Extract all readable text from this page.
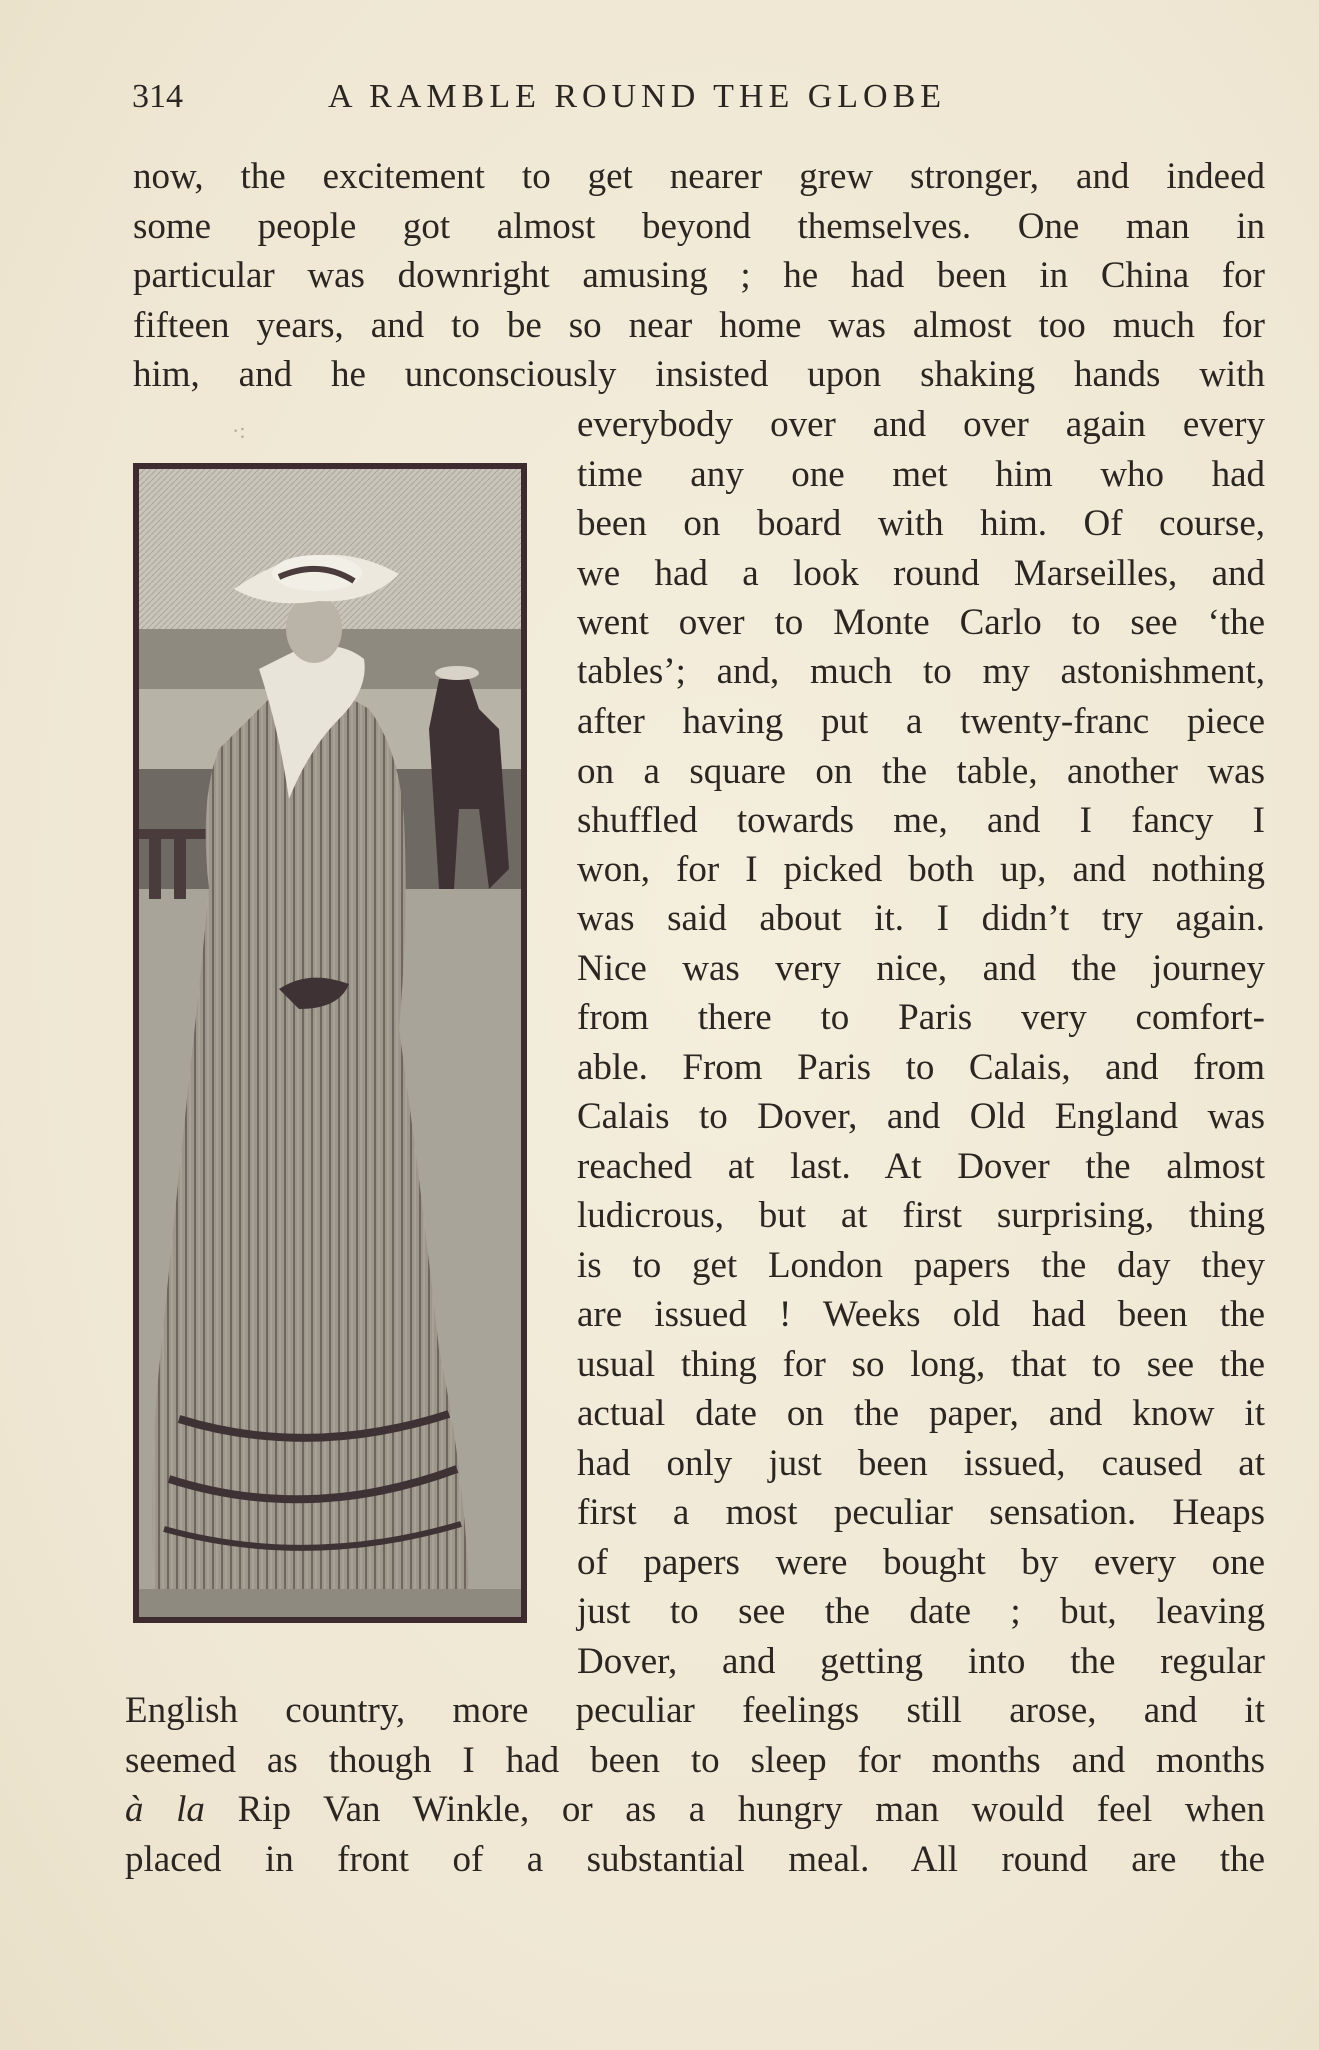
314	A RAMBLE ROUND THE GLOBE
now, the excitement to get nearer grew stronger, and indeed
some people got almost beyond themselves. One man in
particular was downright amusing ; he had been in China for
fifteen years, and to be so near home was almost too much for
him, and he unconsciously insisted upon shaking hands with
·:	everybody over and over again every
time any one met him who had
been on board with him. Of course,
we had a look round Marseilles, and
went over to Monte Carlo to see ‘the
tables’; and, much to my astonishment,
after having put a twenty-franc piece
on a square on the table, another was
shuffled towards me, and I fancy I
won, for I picked both up, and nothing
was said about it. I didn’t try again.
Nice was very nice, and the journey
from there to Paris very comfort-
able. From Paris to Calais, and from
Calais to Dover, and Old England was
reached at last. At Dover the almost
ludicrous, but at first surprising, thing
is to get London papers the day they
are issued ! Weeks old had been the
usual thing for so long, that to see the
actual date on the paper, and know it
had only just been issued, caused at
first a most peculiar sensation. Heaps
of papers were bought by every one
just to see the date ; but, leaving
Dover, and getting into the regular
English country, more peculiar feelings still arose, and it
seemed as though I had been to sleep for months and months
à la Rip Van Winkle, or as a hungry man would feel when
placed in front of a substantial meal. All round are the
